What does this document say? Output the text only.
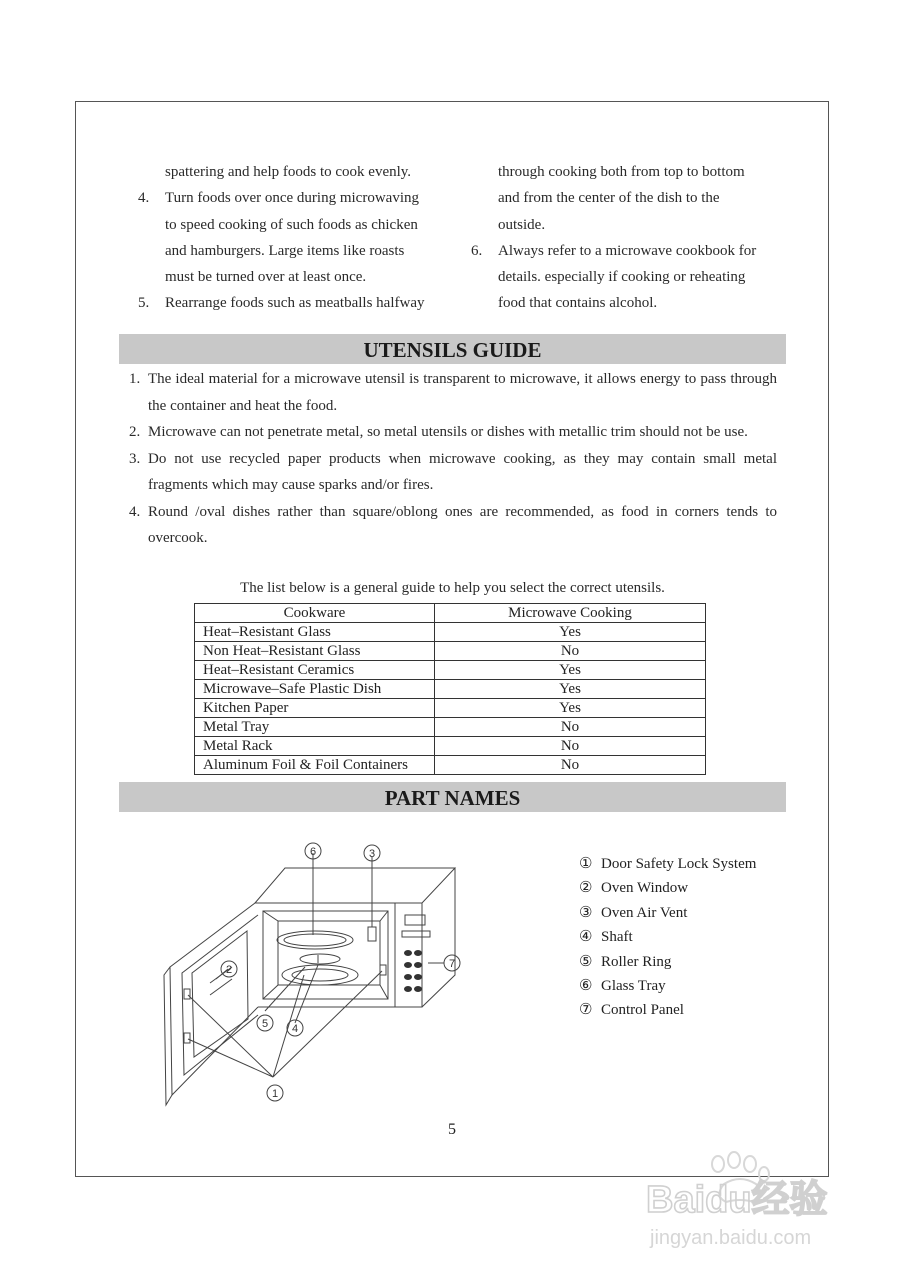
spattering and help foods to cook evenly.
4. Turn foods over once during microwaving
to speed cooking of such foods as chicken
and hamburgers. Large items like roasts
must be turned over at least once.
5. Rearrange foods such as meatballs halfway
through cooking both from top to bottom
and from the center of the dish to the
outside.
6. Always refer to a microwave cookbook for
details. especially if cooking or reheating
food that contains alcohol.
UTENSILS GUIDE
1. The ideal material for a microwave utensil is transparent to microwave, it allows energy to pass through the container and heat the food.
2. Microwave can not penetrate metal, so metal utensils or dishes with metallic trim should not be use.
3. Do not use recycled paper products when microwave cooking, as they may contain small metal fragments which may cause sparks and/or fires.
4. Round /oval dishes rather than square/oblong ones are recommended, as food in corners tends to overcook.
The list below is a general guide to help you select the correct utensils.
Cookware	Microwave Cooking
Heat–Resistant Glass	Yes
Non Heat–Resistant Glass	No
Heat–Resistant Ceramics	Yes
Microwave–Safe Plastic Dish	Yes
Kitchen Paper	Yes
Metal Tray	No
Metal Rack	No
Aluminum Foil & Foil Containers	No
PART NAMES
1
2
3
4
5
6
7
① Door Safety Lock System
② Oven Window
③ Oven Air Vent
④ Shaft
⑤ Roller Ring
⑥ Glass Tray
⑦ Control Panel
5
Baidu经验
jingyan.baidu.com
